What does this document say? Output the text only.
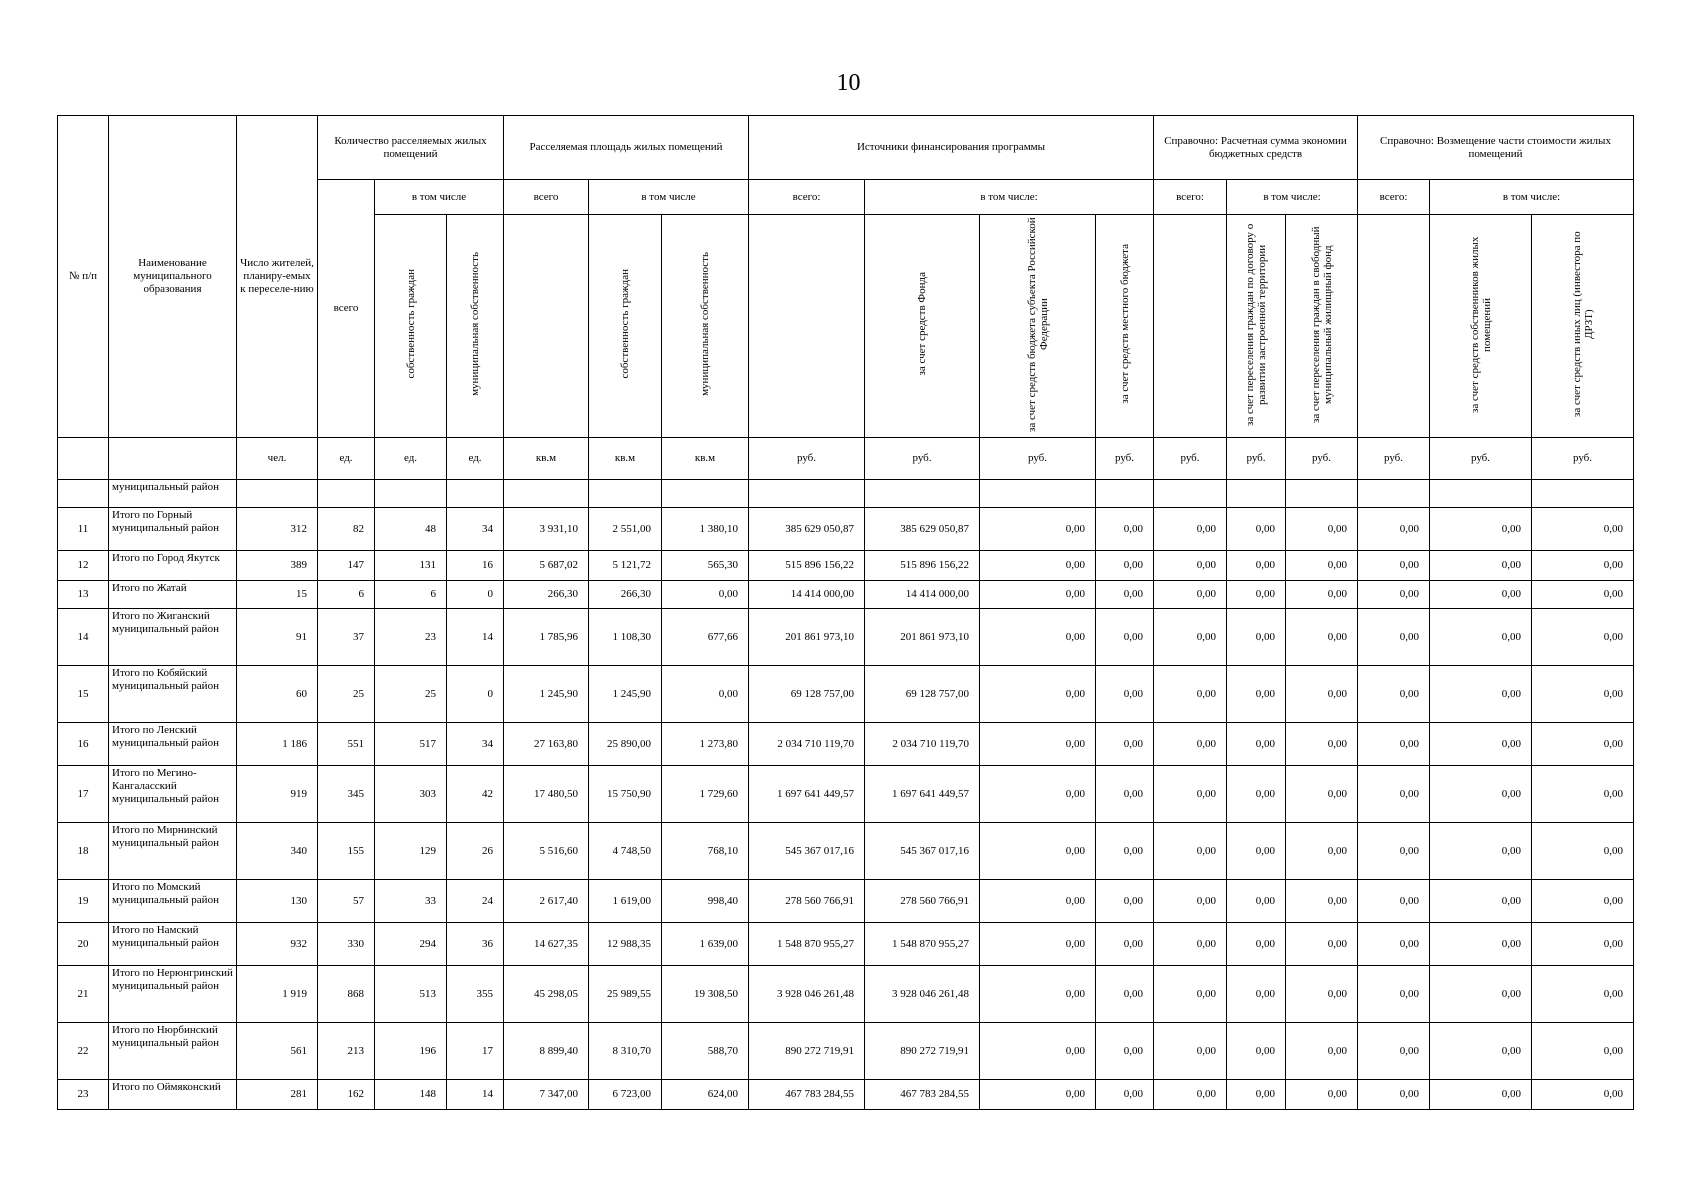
10
№ п/п	Наименование муниципального образования	Число жителей, планиру-емых к переселе-нию	Количество расселяемых жилых помещений			Расселяемая площадь жилых помещений			Источники финансирования программы				Справочно: Расчетная сумма экономии бюджетных средств			Справочно: Возмещение части стоимости жилых помещений		
			всего	в том числе		всего	в том числе		всего:	в том числе:			всего:	в том числе:		всего:	в том числе:	
				собственность граждан	муниципальная собственность		собственность граждан	муниципальная собственность		за счет средств Фонда	за счет средств бюджета субъекта Российской Федерации	за счет средств местного бюджета		за счет переселения граждан по договору о развитии застроенной территории	за счет переселения граждан в свободный муниципальный жилищный фонд		за счет средств собственников жилых помещений	за счет средств иных лиц (инвестора по ДРЗТ)
		чел.	ед.	ед.	ед.	кв.м	кв.м	кв.м	руб.	руб.	руб.	руб.	руб.	руб.	руб.	руб.	руб.	руб.
	муниципальный район																	
11	Итого по Горный муниципальный район	312	82	48	34	3 931,10	2 551,00	1 380,10	385 629 050,87	385 629 050,87	0,00	0,00	0,00	0,00	0,00	0,00	0,00	0,00
12	Итого по Город Якутск	389	147	131	16	5 687,02	5 121,72	565,30	515 896 156,22	515 896 156,22	0,00	0,00	0,00	0,00	0,00	0,00	0,00	0,00
13	Итого по Жатай	15	6	6	0	266,30	266,30	0,00	14 414 000,00	14 414 000,00	0,00	0,00	0,00	0,00	0,00	0,00	0,00	0,00
14	Итого по Жиганский муниципальный район	91	37	23	14	1 785,96	1 108,30	677,66	201 861 973,10	201 861 973,10	0,00	0,00	0,00	0,00	0,00	0,00	0,00	0,00
15	Итого по Кобяйский муниципальный район	60	25	25	0	1 245,90	1 245,90	0,00	69 128 757,00	69 128 757,00	0,00	0,00	0,00	0,00	0,00	0,00	0,00	0,00
16	Итого по Ленский муниципальный район	1 186	551	517	34	27 163,80	25 890,00	1 273,80	2 034 710 119,70	2 034 710 119,70	0,00	0,00	0,00	0,00	0,00	0,00	0,00	0,00
17	Итого по Мегино-Кангаласский муниципальный район	919	345	303	42	17 480,50	15 750,90	1 729,60	1 697 641 449,57	1 697 641 449,57	0,00	0,00	0,00	0,00	0,00	0,00	0,00	0,00
18	Итого по Мирнинский муниципальный район	340	155	129	26	5 516,60	4 748,50	768,10	545 367 017,16	545 367 017,16	0,00	0,00	0,00	0,00	0,00	0,00	0,00	0,00
19	Итого по Момский муниципальный район	130	57	33	24	2 617,40	1 619,00	998,40	278 560 766,91	278 560 766,91	0,00	0,00	0,00	0,00	0,00	0,00	0,00	0,00
20	Итого по Намский муниципальный район	932	330	294	36	14 627,35	12 988,35	1 639,00	1 548 870 955,27	1 548 870 955,27	0,00	0,00	0,00	0,00	0,00	0,00	0,00	0,00
21	Итого по Нерюнгринский муниципальный район	1 919	868	513	355	45 298,05	25 989,55	19 308,50	3 928 046 261,48	3 928 046 261,48	0,00	0,00	0,00	0,00	0,00	0,00	0,00	0,00
22	Итого по Нюрбинский муниципальный район	561	213	196	17	8 899,40	8 310,70	588,70	890 272 719,91	890 272 719,91	0,00	0,00	0,00	0,00	0,00	0,00	0,00	0,00
23	Итого по Оймяконский	281	162	148	14	7 347,00	6 723,00	624,00	467 783 284,55	467 783 284,55	0,00	0,00	0,00	0,00	0,00	0,00	0,00	0,00
